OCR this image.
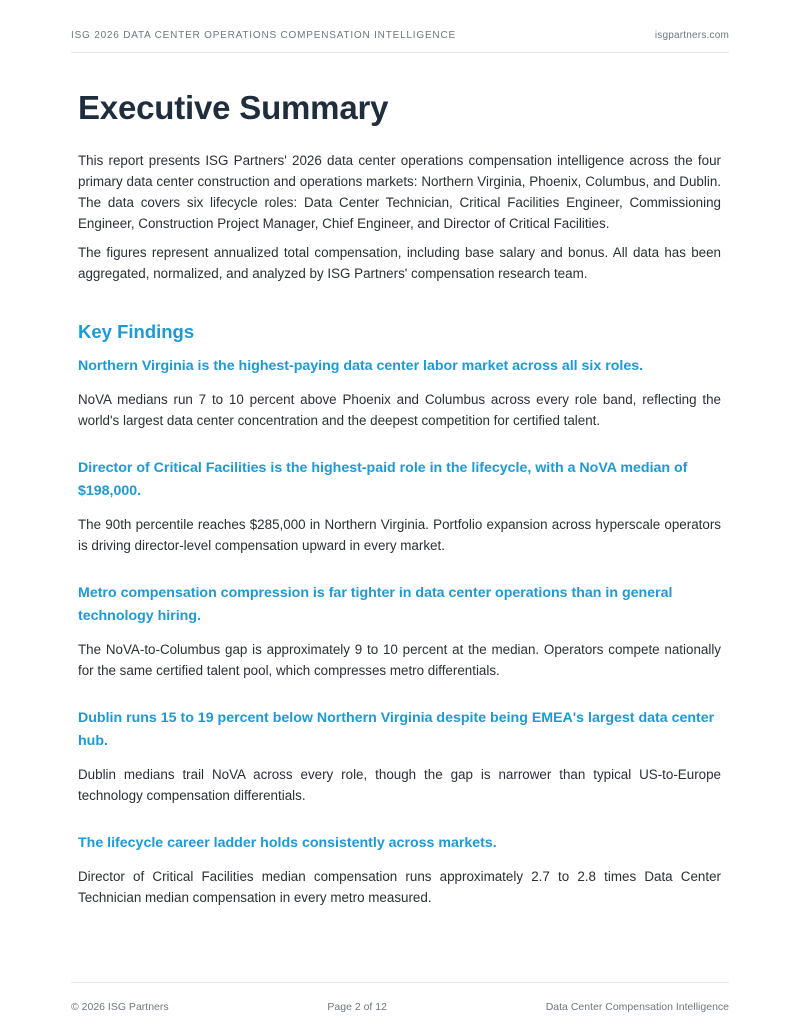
ISG 2026 DATA CENTER OPERATIONS COMPENSATION INTELLIGENCE	isgpartners.com
Executive Summary

This report presents ISG Partners' 2026 data center operations compensation intelligence across the four primary data center construction and operations markets: Northern Virginia, Phoenix, Columbus, and Dublin. The data covers six lifecycle roles: Data Center Technician, Critical Facilities Engineer, Commissioning Engineer, Construction Project Manager, Chief Engineer, and Director of Critical Facilities.

The figures represent annualized total compensation, including base salary and bonus. All data has been aggregated, normalized, and analyzed by ISG Partners' compensation research team.

Key Findings
Northern Virginia is the highest-paying data center labor market across all six roles.

NoVA medians run 7 to 10 percent above Phoenix and Columbus across every role band, reflecting the world's largest data center concentration and the deepest competition for certified talent.

Director of Critical Facilities is the highest-paid role in the lifecycle, with a NoVA median of $198,000.

The 90th percentile reaches $285,000 in Northern Virginia. Portfolio expansion across hyperscale operators is driving director-level compensation upward in every market.

Metro compensation compression is far tighter in data center operations than in general technology hiring.

The NoVA-to-Columbus gap is approximately 9 to 10 percent at the median. Operators compete nationally for the same certified talent pool, which compresses metro differentials.

Dublin runs 15 to 19 percent below Northern Virginia despite being EMEA's largest data center hub.

Dublin medians trail NoVA across every role, though the gap is narrower than typical US-to-Europe technology compensation differentials.

The lifecycle career ladder holds consistently across markets.

Director of Critical Facilities median compensation runs approximately 2.7 to 2.8 times Data Center Technician median compensation in every metro measured.

© 2026 ISG Partners	Page 2 of 12	Data Center Compensation Intelligence
